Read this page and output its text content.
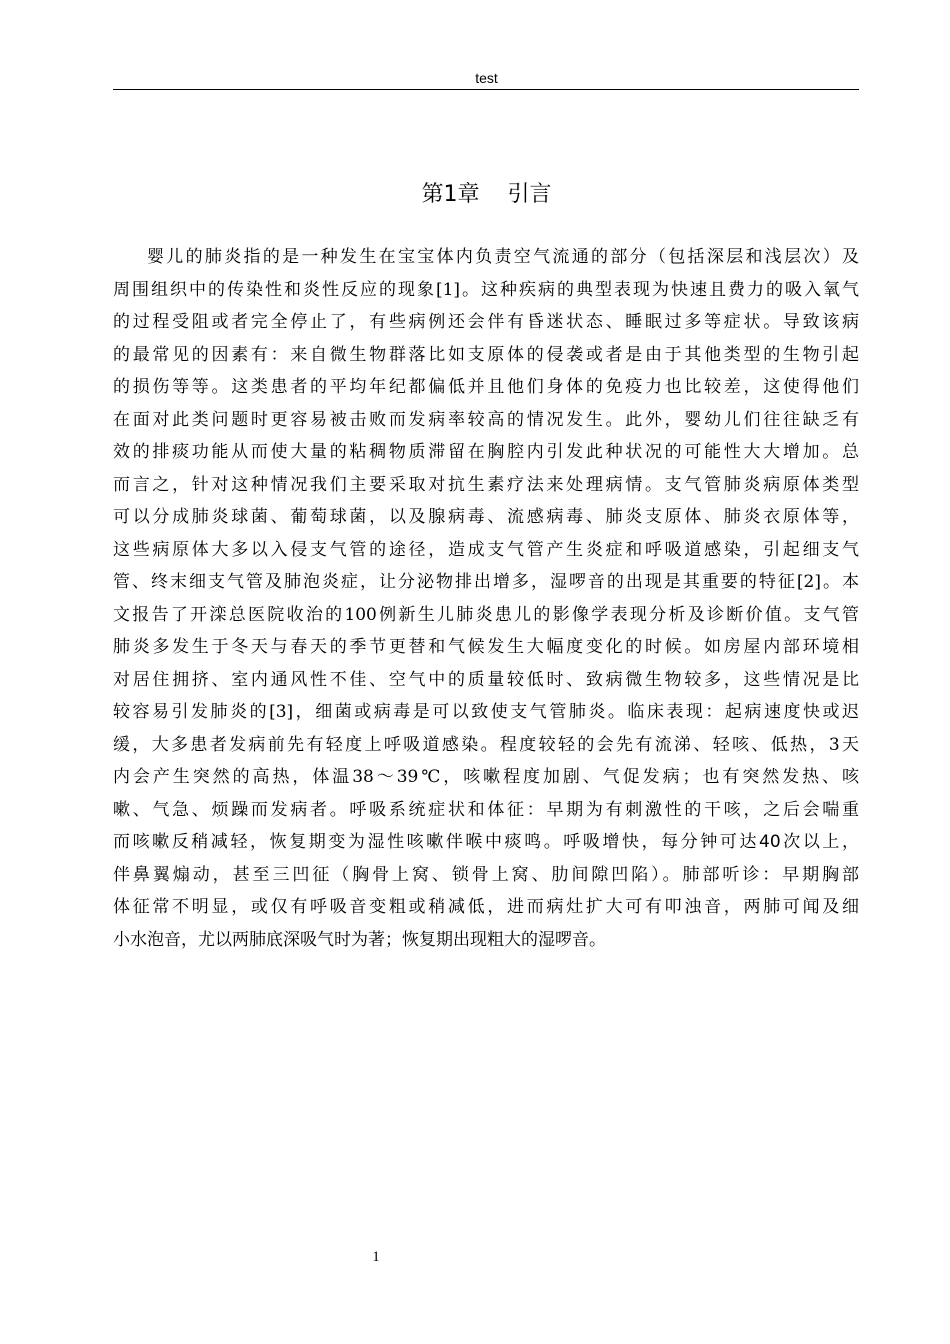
test
第1章    引言
婴儿的肺炎指的是一种发生在宝宝体内负责空气流通的部分（包括深层和浅层次）及
周围组织中的传染性和炎性反应的现象[1]。这种疾病的典型表现为快速且费力的吸入氧气
的过程受阻或者完全停止了，有些病例还会伴有昏迷状态、睡眠过多等症状。导致该病
的最常见的因素有：来自微生物群落比如支原体的侵袭或者是由于其他类型的生物引起
的损伤等等。这类患者的平均年纪都偏低并且他们身体的免疫力也比较差，这使得他们
在面对此类问题时更容易被击败而发病率较高的情况发生。此外，婴幼儿们往往缺乏有
效的排痰功能从而使大量的粘稠物质滞留在胸腔内引发此种状况的可能性大大增加。总
而言之，针对这种情况我们主要采取对抗生素疗法来处理病情。支气管肺炎病原体类型
可以分成肺炎球菌、葡萄球菌，以及腺病毒、流感病毒、肺炎支原体、肺炎衣原体等，
这些病原体大多以入侵支气管的途径，造成支气管产生炎症和呼吸道感染，引起细支气
管、终末细支气管及肺泡炎症，让分泌物排出增多，湿啰音的出现是其重要的特征[2]。本
文报告了开滦总医院收治的100例新生儿肺炎患儿的影像学表现分析及诊断价值。支气管
肺炎多发生于冬天与春天的季节更替和气候发生大幅度变化的时候。如房屋内部环境相
对居住拥挤、室内通风性不佳、空气中的质量较低时、致病微生物较多，这些情况是比
较容易引发肺炎的[3]，细菌或病毒是可以致使支气管肺炎。临床表现：起病速度快或迟
缓，大多患者发病前先有轻度上呼吸道感染。程度较轻的会先有流涕、轻咳、低热，3天
内会产生突然的高热，体温38～39℃，咳嗽程度加剧、气促发病；也有突然发热、咳
嗽、气急、烦躁而发病者。呼吸系统症状和体征：早期为有刺激性的干咳，之后会喘重
而咳嗽反稍减轻，恢复期变为湿性咳嗽伴喉中痰鸣。呼吸增快，每分钟可达40次以上，
伴鼻翼煽动，甚至三凹征（胸骨上窝、锁骨上窝、肋间隙凹陷）。肺部听诊：早期胸部
体征常不明显，或仅有呼吸音变粗或稍减低，进而病灶扩大可有叩浊音，两肺可闻及细
小水泡音，尤以两肺底深吸气时为著；恢复期出现粗大的湿啰音。
1
